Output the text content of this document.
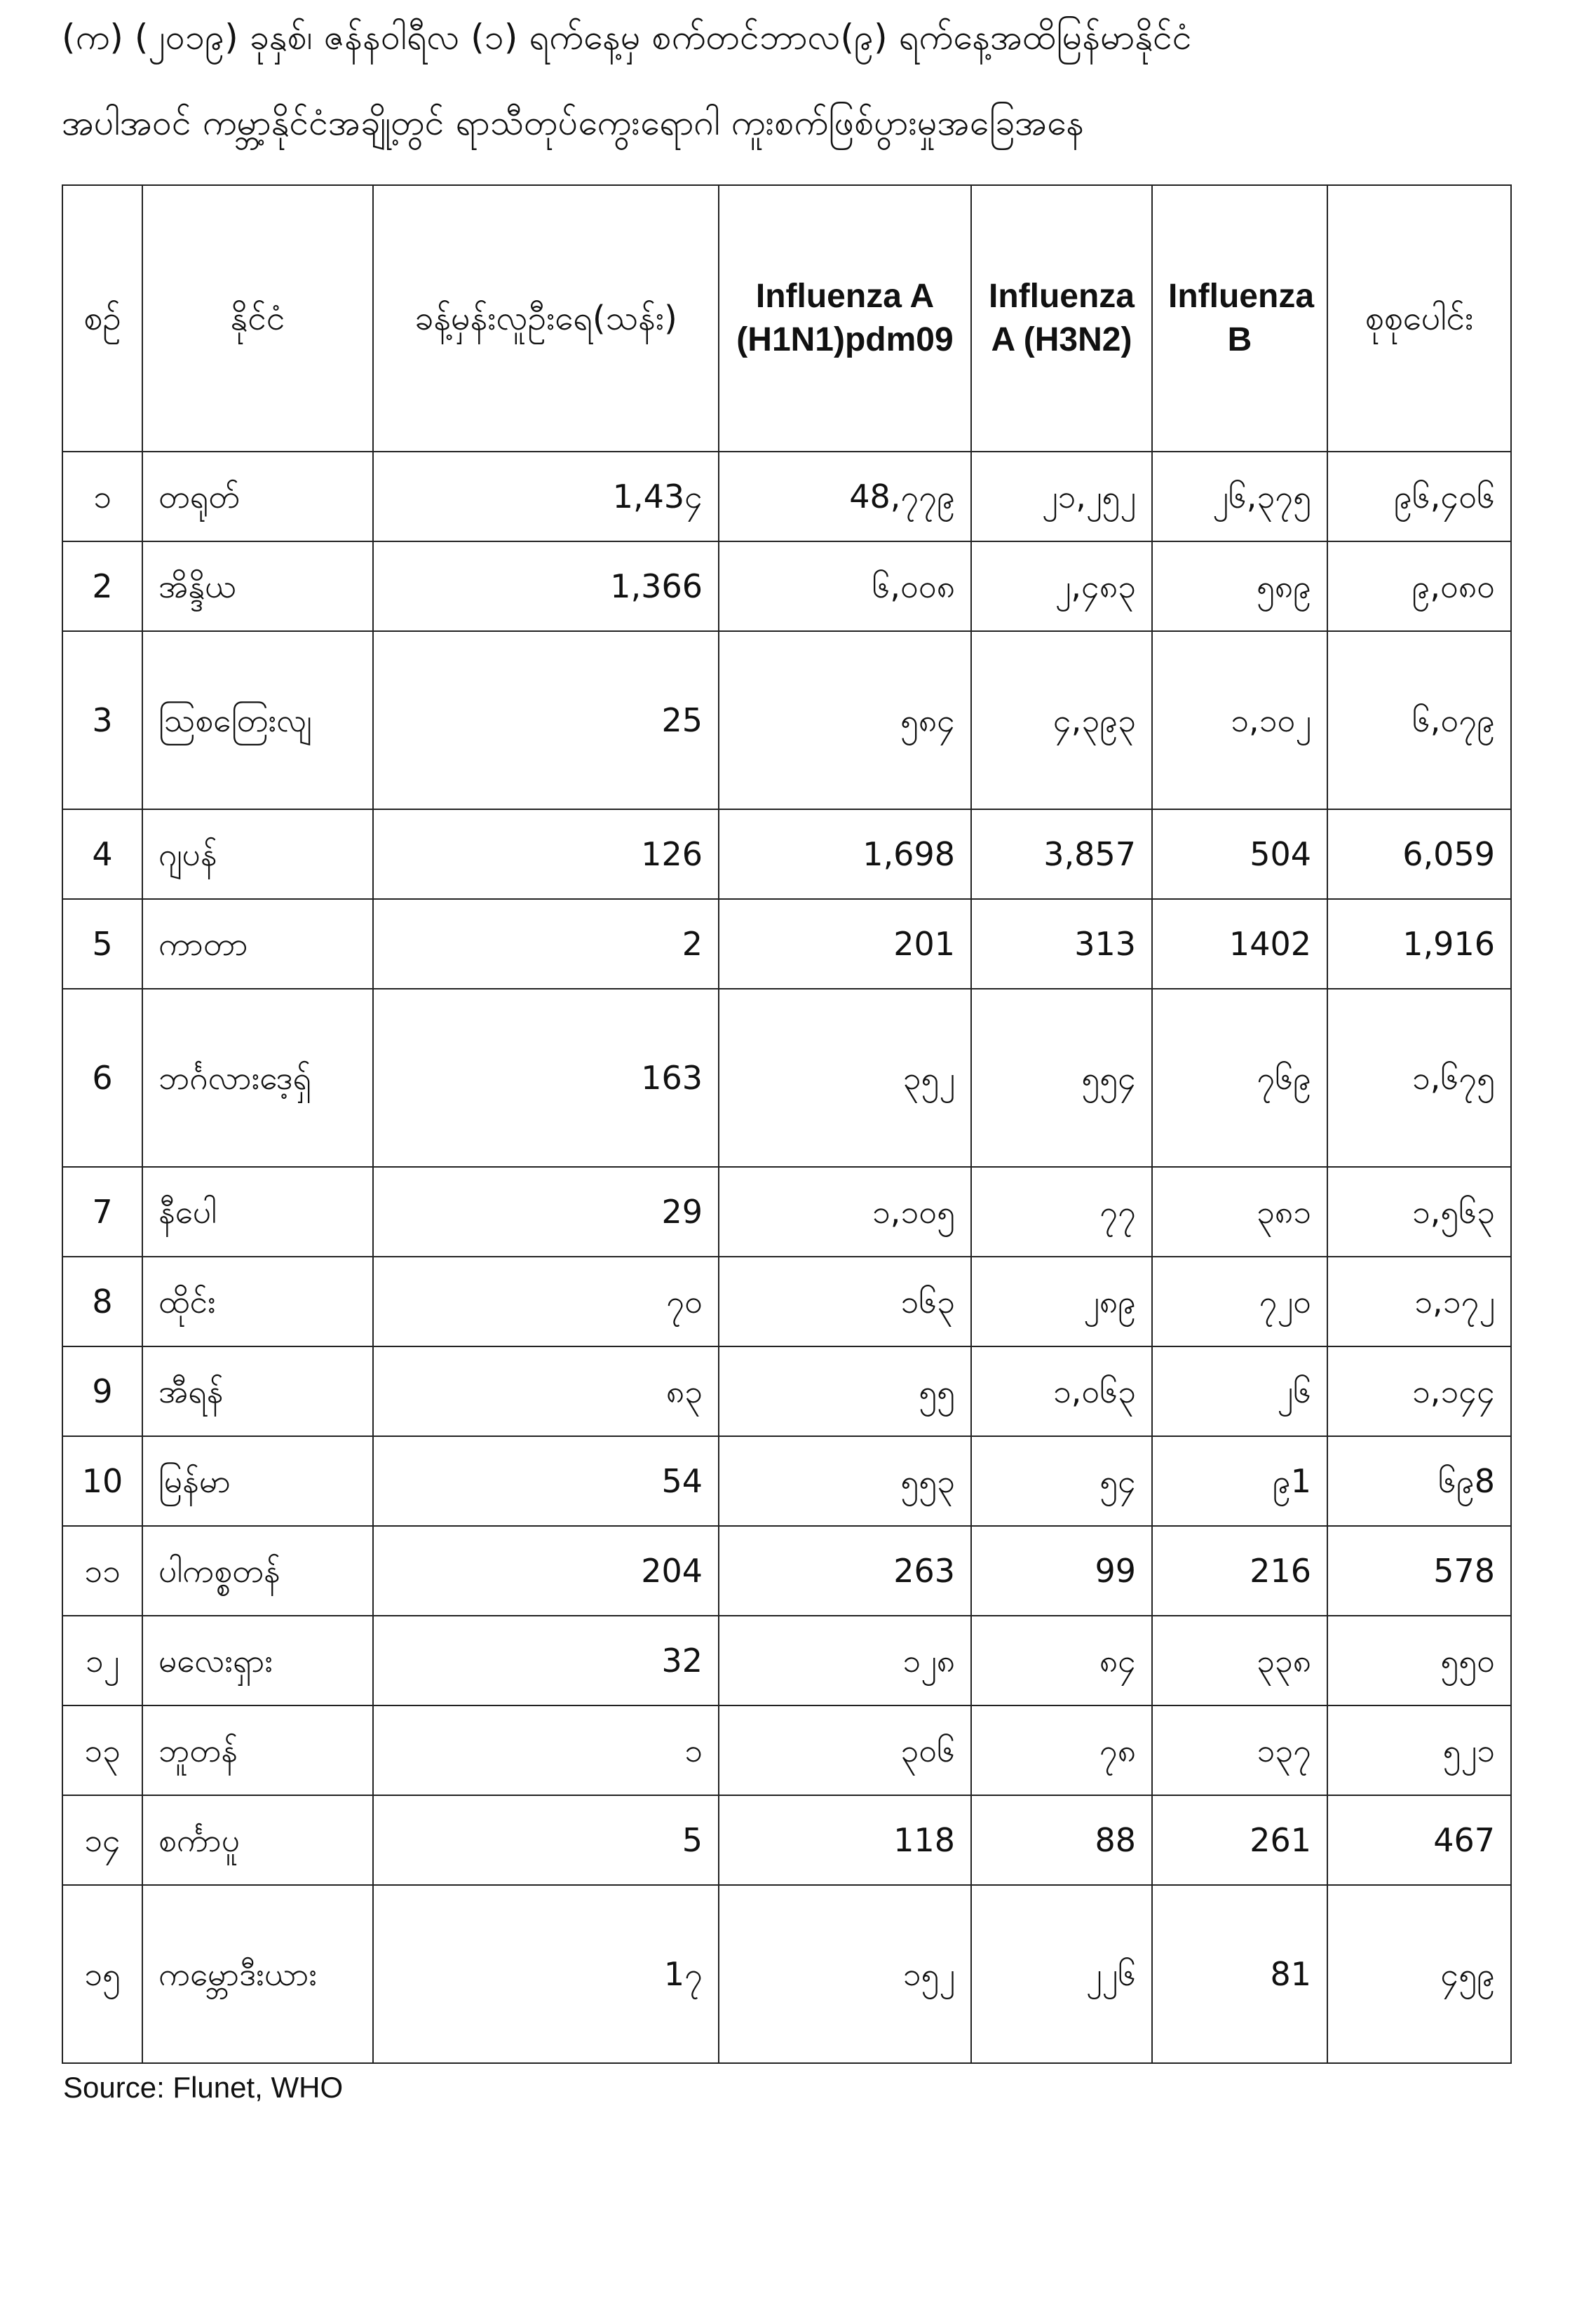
(က) (၂၀၁၉) ခုနှစ်၊ ဇန်နဝါရီလ (၁) ရက်နေ့မှ စက်တင်ဘာလ(၉) ရက်နေ့အထိမြန်မာနိုင်ငံ
အပါအဝင် ကမ္ဘာ့နိုင်ငံအချို့တွင် ရာသီတုပ်ကွေးရောဂါ ကူးစက်ဖြစ်ပွားမှုအခြေအနေ
စဉ်	နိုင်ငံ	ခန့်မှန်းလူဦးရေ(သန်း)	Influenza A (H1N1)pdm09	Influenza A (H3N2)	Influenza B	စုစုပေါင်း
၁	တရုတ်	1,43၄	48,၇၇၉	၂၁,၂၅၂	၂၆,၃၇၅	၉၆,၄၀၆
2	အိန္ဒိယ	1,366	၆,၀၀၈	၂,၄၈၃	၅၈၉	၉,၀၈၀
3	ဩစတြေးလျ	25	၅၈၄	၄,၃၉၃	၁,၁၀၂	၆,၀၇၉
4	ဂျပန်	126	1,698	3,857	504	6,059
5	ကာတာ	2	201	313	1402	1,916
6	ဘင်္ဂလားဒေ့ရှ်	163	၃၅၂	၅၅၄	၇၆၉	၁,၆၇၅
7	နီပေါ	29	၁,၁၀၅	၇၇	၃၈၁	၁,၅၆၃
8	ထိုင်း	၇၀	၁၆၃	၂၈၉	၇၂၀	၁,၁၇၂
9	အီရန်	၈၃	၅၅	၁,၀၆၃	၂၆	၁,၁၄၄
10	မြန်မာ	54	၅၅၃	၅၄	၉1	၆၉8
၁၁	ပါကစ္စတန်	204	263	99	216	578
၁၂	မလေးရှား	32	၁၂၈	၈၄	၃၃၈	၅၅၀
၁၃	ဘူတန်	၁	၃၀၆	၇၈	၁၃၇	၅၂၁
၁၄	စင်္ကာပူ	5	118	88	261	467
၁၅	ကမ္ဘောဒီးယား	1၇	၁၅၂	၂၂၆	81	၄၅၉
Source: Flunet, WHO
